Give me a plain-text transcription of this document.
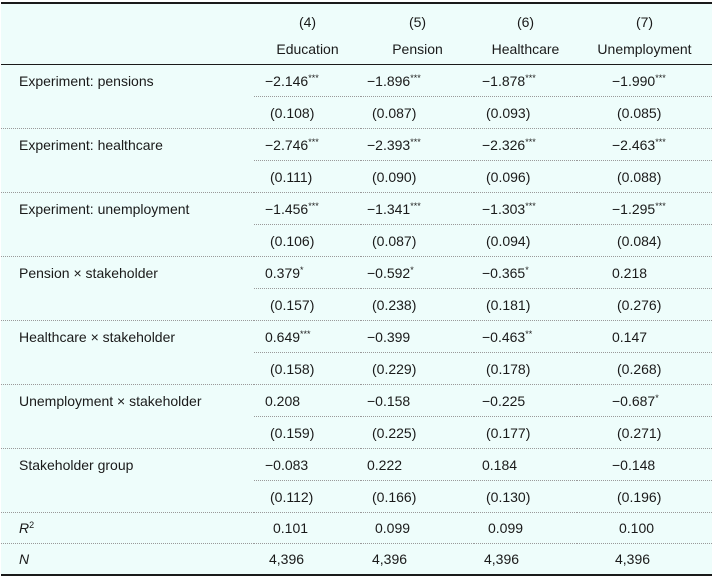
	(4)	(5)	(6)	(7)
	Education	Pension	Healthcare	Unemployment
Experiment: pensions	−2.146***	−1.896***	−1.878***	−1.990***
	(0.108)	(0.087)	(0.093)	(0.085)
Experiment: healthcare	−2.746***	−2.393***	−2.326***	−2.463***
	(0.111)	(0.090)	(0.096)	(0.088)
Experiment: unemployment	−1.456***	−1.341***	−1.303***	−1.295***
	(0.106)	(0.087)	(0.094)	(0.084)
Pension × stakeholder	0.379*	−0.592*	−0.365*	0.218
	(0.157)	(0.238)	(0.181)	(0.276)
Healthcare × stakeholder	0.649***	−0.399	−0.463**	0.147
	(0.158)	(0.229)	(0.178)	(0.268)
Unemployment × stakeholder	0.208	−0.158	−0.225	−0.687*
	(0.159)	(0.225)	(0.177)	(0.271)
Stakeholder group	−0.083	0.222	0.184	−0.148
	(0.112)	(0.166)	(0.130)	(0.196)
$R^2$	0.101	0.099	0.099	0.100
N	4,396	4,396	4,396	4,396
